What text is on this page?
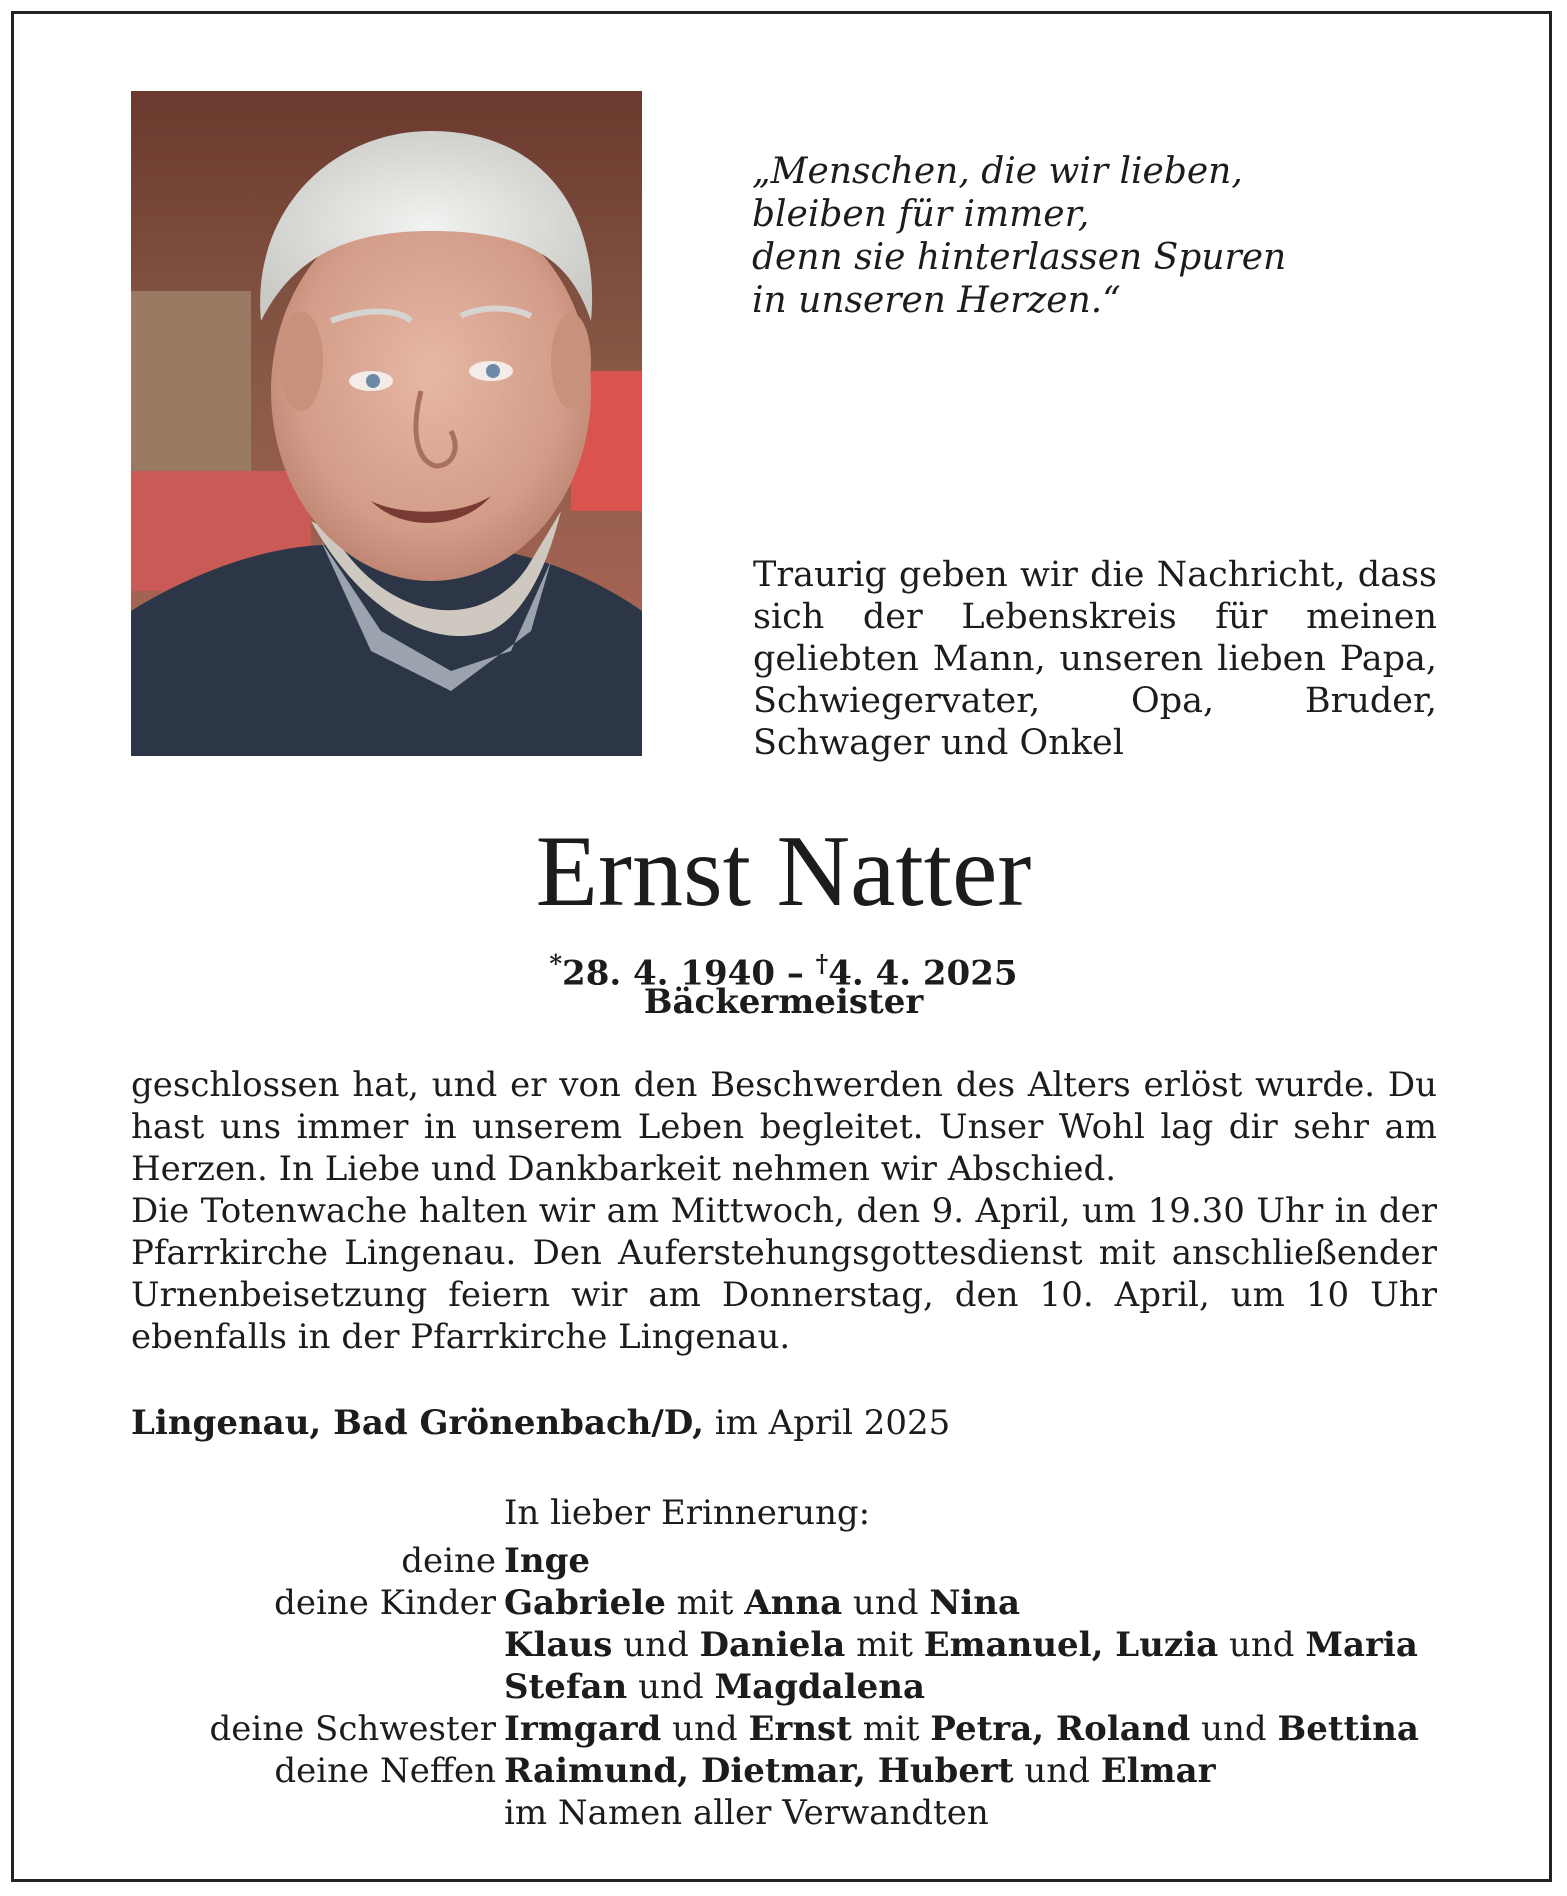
„Menschen, die wir lieben,
bleiben für immer,
denn sie hinterlassen Spuren
in unseren Herzen.“
Traurig geben wir die Nachricht, dass sich der Lebenskreis für meinen geliebten Mann, unseren lieben Papa, Schwiegervater, Opa, Bruder, Schwager und Onkel
Ernst Natter
*28. 4. 1940 – †4. 4. 2025
Bäckermeister

geschlossen hat, und er von den Beschwerden des Alters erlöst wurde. Du hast uns immer in unserem Leben begleitet. Unser Wohl lag dir sehr am Herzen. In Liebe und Dankbarkeit nehmen wir Abschied.

Die Totenwache halten wir am Mittwoch, den 9. April, um 19.30 Uhr in der Pfarrkirche Lingenau. Den Auferstehungsgottesdienst mit anschließender Urnenbeisetzung feiern wir am Donnerstag, den 10. April, um 10 Uhr ebenfalls in der Pfarrkirche Lingenau.

Lingenau, Bad Grönenbach/D, im April 2025
In lieber Erinnerung:
deine Inge
deine Kinder Gabriele mit Anna und Nina
Klaus und Daniela mit Emanuel, Luzia und Maria
Stefan und Magdalena
deine Schwester Irmgard und Ernst mit Petra, Roland und Bettina
deine Neffen Raimund, Dietmar, Hubert und Elmar
im Namen aller Verwandten
